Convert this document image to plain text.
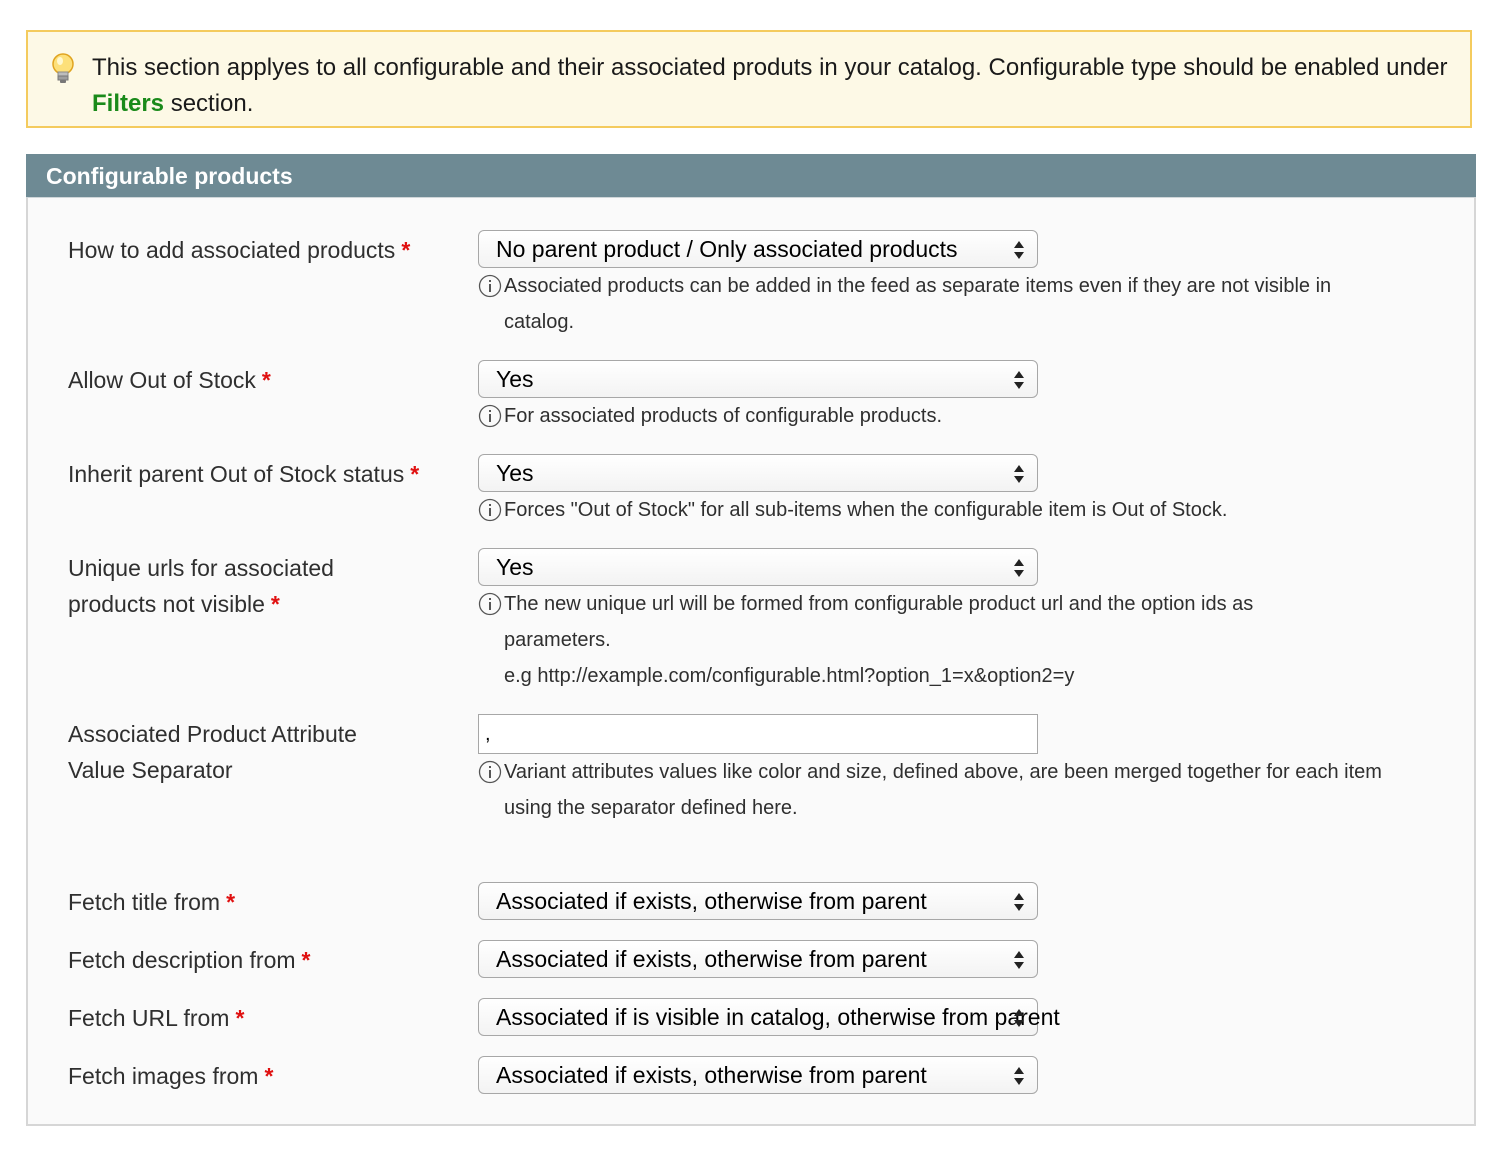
This section applyes to all configurable and their associated produts in your catalog. Configurable type should be enabled under Filters section.
Configurable products
How to add associated products *	No parent product / Only associated products
Associated products can be added in the feed as separate items even if they are not visible in catalog.
Allow Out of Stock *	Yes
For associated products of configurable products.
Inherit parent Out of Stock status *	Yes
Forces "Out of Stock" for all sub-items when the configurable item is Out of Stock.
Unique urls for associated
products not visible *
Yes
The new unique url will be formed from configurable product url and the option ids as parameters.
e.g http://example.com/configurable.html?option_1=x&option2=y
Associated Product Attribute
Value Separator
,	Variant attributes values like color and size, defined above, are been merged together for each item using the separator defined here.
Fetch title from *	Associated if exists, otherwise from parent
Fetch description from *	Associated if exists, otherwise from parent
Fetch URL from *	Associated if is visible in catalog, otherwise from parent
Fetch images from *	Associated if exists, otherwise from parent
